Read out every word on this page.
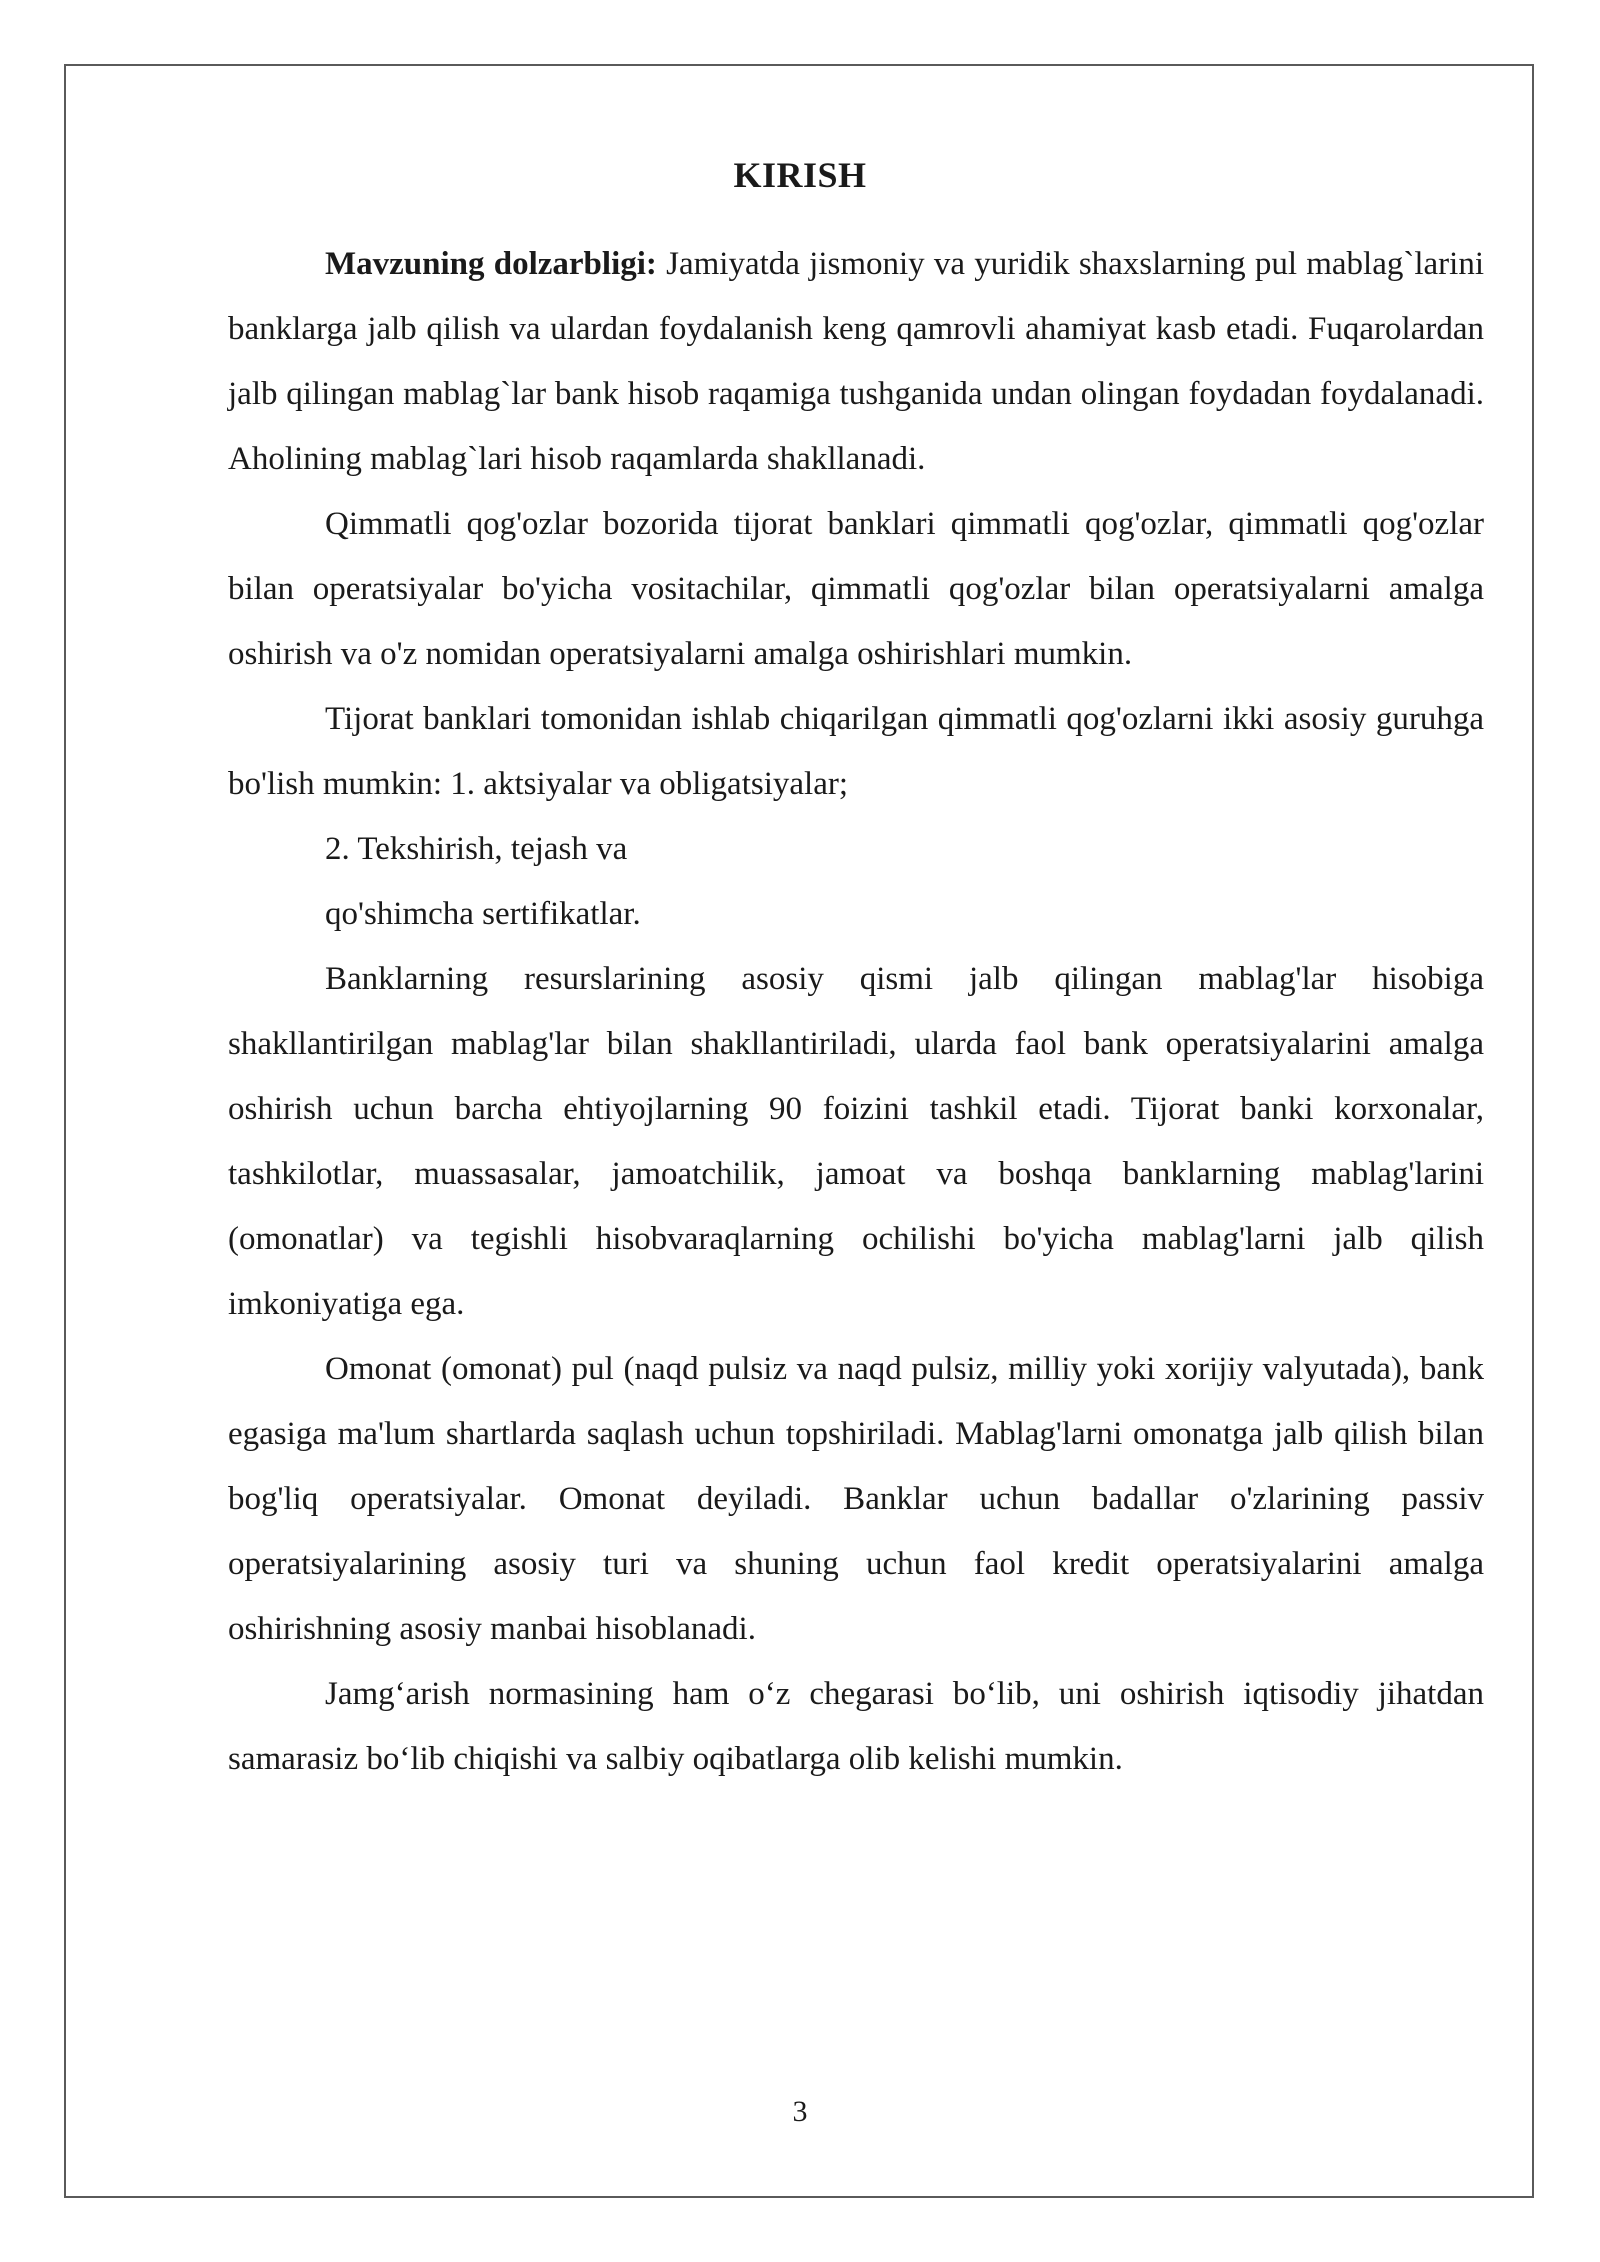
KIRISH

Mavzuning dolzarbligi: Jamiyatda jismoniy va yuridik shaxslarning pul mablag`larini banklarga jalb qilish va ulardan foydalanish keng qamrovli ahamiyat kasb etadi. Fuqarolardan jalb qilingan mablag`lar bank hisob raqamiga tushganida undan olingan foydadan foydalanadi. Aholining mablag`lari hisob raqamlarda shakllanadi.

Qimmatli qog'ozlar bozorida tijorat banklari qimmatli qog'ozlar, qimmatli qog'ozlar bilan operatsiyalar bo'yicha vositachilar, qimmatli qog'ozlar bilan operatsiyalarni amalga oshirish va o'z nomidan operatsiyalarni amalga oshirishlari mumkin.

Tijorat banklari tomonidan ishlab chiqarilgan qimmatli qog'ozlarni ikki asosiy guruhga bo'lish mumkin: 1. aktsiyalar va obligatsiyalar;

2. Tekshirish, tejash va

qo'shimcha sertifikatlar.

Banklarning resurslarining asosiy qismi jalb qilingan mablag'lar hisobiga shakllantirilgan mablag'lar bilan shakllantiriladi, ularda faol bank operatsiyalarini amalga oshirish uchun barcha ehtiyojlarning 90 foizini tashkil etadi. Tijorat banki korxonalar, tashkilotlar, muassasalar, jamoatchilik, jamoat va boshqa banklarning mablag'larini (omonatlar) va tegishli hisobvaraqlarning ochilishi bo'yicha mablag'larni jalb qilish imkoniyatiga ega.

Omonat (omonat) pul (naqd pulsiz va naqd pulsiz, milliy yoki xorijiy valyutada), bank egasiga ma'lum shartlarda saqlash uchun topshiriladi. Mablag'larni omonatga jalb qilish bilan bog'liq operatsiyalar. Omonat deyiladi. Banklar uchun badallar o'zlarining passiv operatsiyalarining asosiy turi va shuning uchun faol kredit operatsiyalarini amalga oshirishning asosiy manbai hisoblanadi.

Jamg‘arish normasining ham o‘z chegarasi bo‘lib, uni oshirish iqtisodiy jihatdan samarasiz bo‘lib chiqishi va salbiy oqibatlarga olib kelishi mumkin.

3
